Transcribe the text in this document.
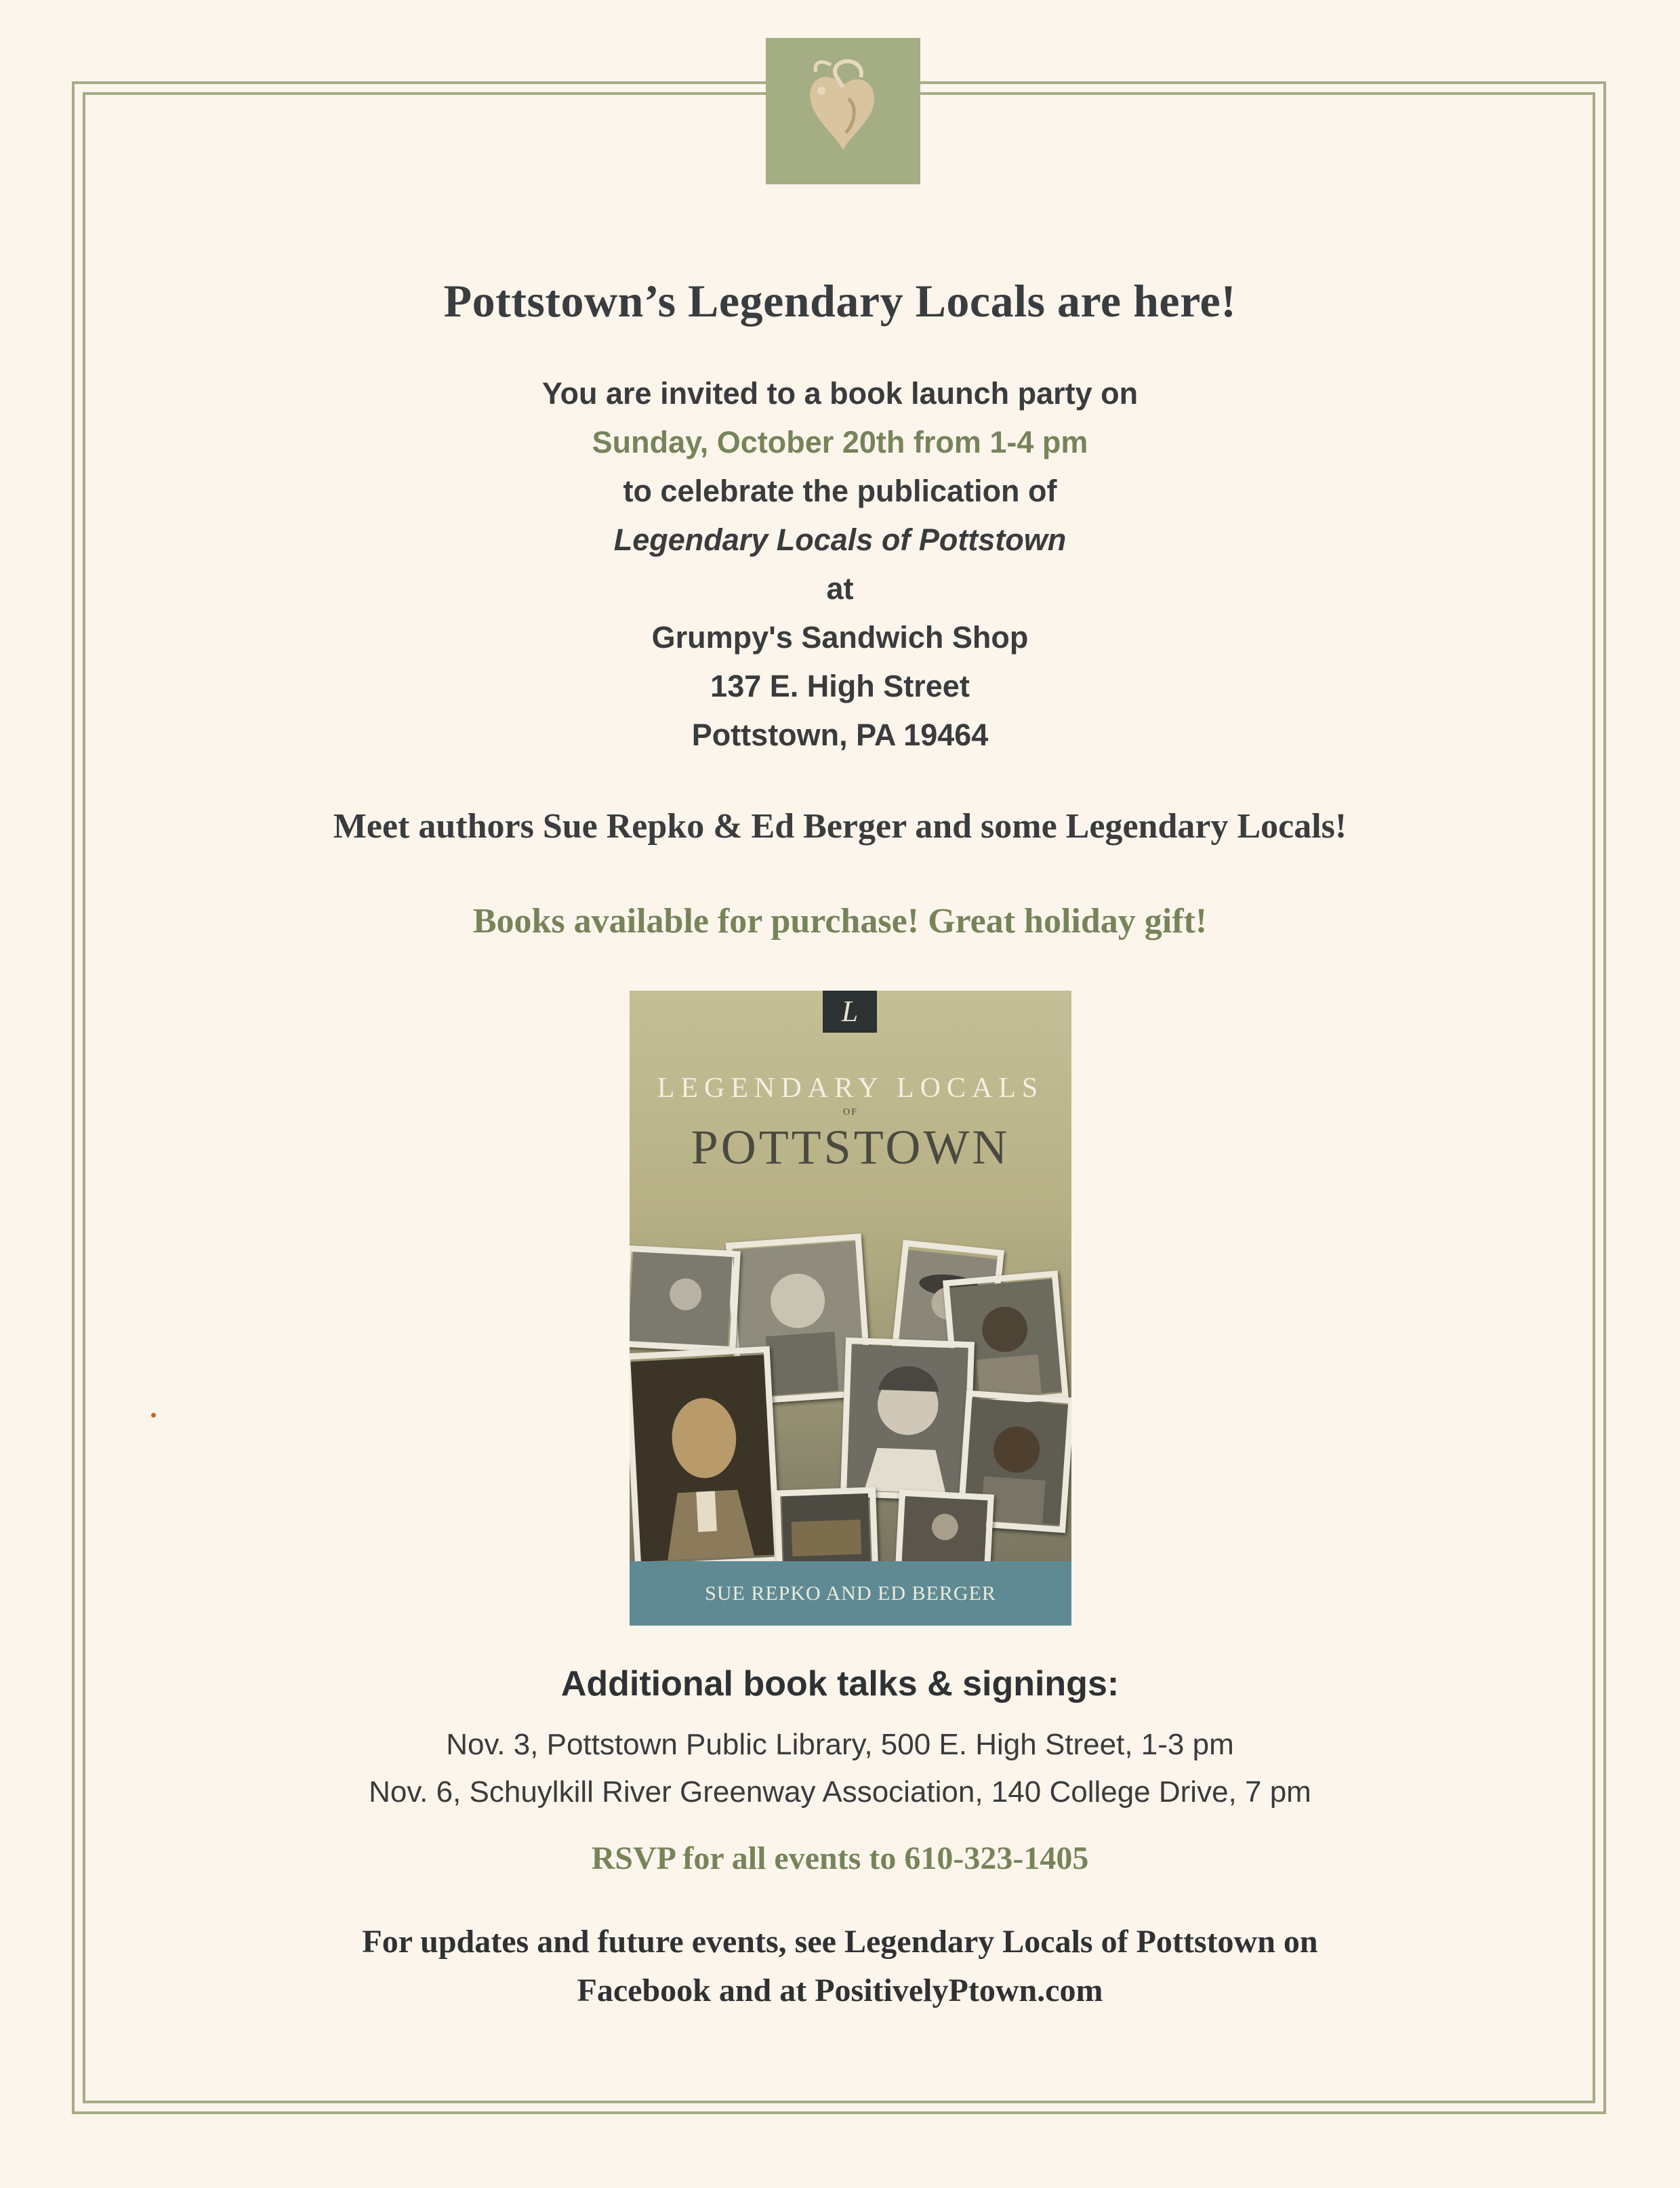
Pottstown’s Legendary Locals are here!
You are invited to a book launch party on
Sunday, October 20th from 1-4 pm
to celebrate the publication of
Legendary Locals of Pottstown
at
Grumpy's Sandwich Shop
137 E. High Street
Pottstown, PA 19464
Meet authors Sue Repko & Ed Berger and some Legendary Locals!
Books available for purchase! Great holiday gift!
L
LEGENDARY LOCALS
OF
POTTSTOWN
SUE REPKO AND ED BERGER
Additional book talks & signings:
Nov. 3, Pottstown Public Library, 500 E. High Street, 1-3 pm
Nov. 6, Schuylkill River Greenway Association, 140 College Drive, 7 pm
RSVP for all events to 610-323-1405
For updates and future events, see Legendary Locals of Pottstown on
Facebook and at PositivelyPtown.com
